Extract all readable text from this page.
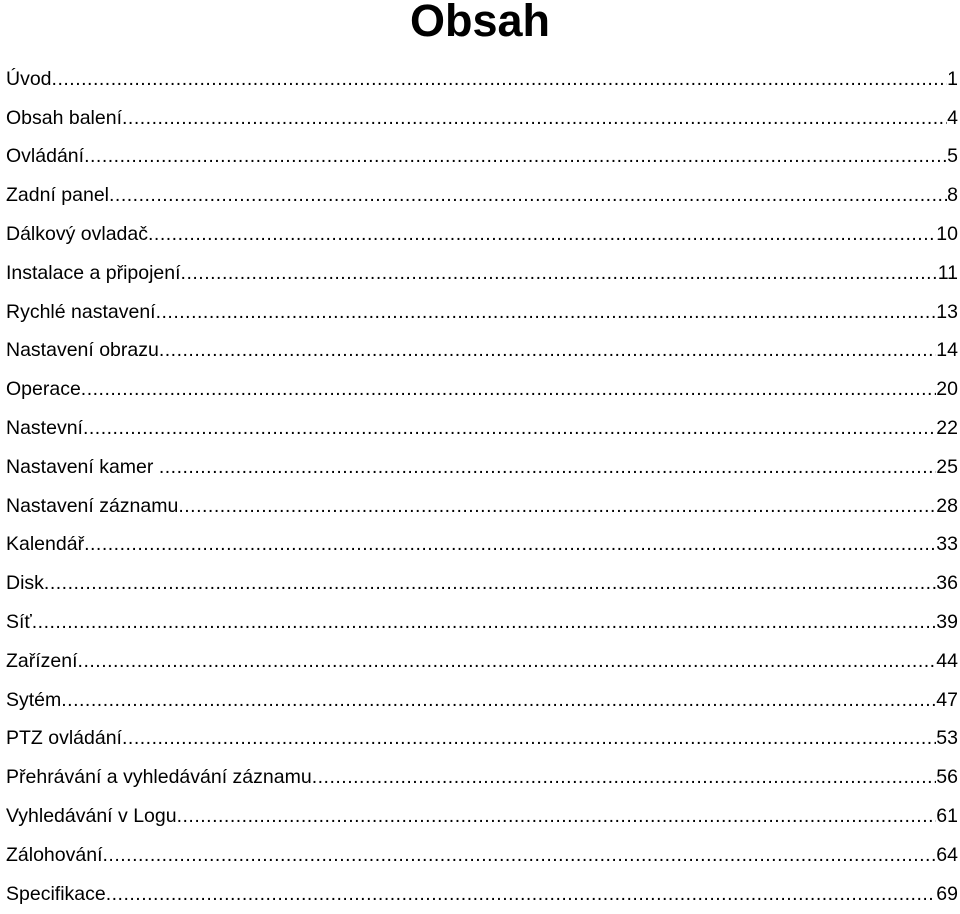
Obsah
Úvod .....	1
Obsah balení .....	4
Ovládání .....	5
Zadní panel .....	8
Dálkový ovladač .....	10
Instalace a připojení .....	11
Rychlé nastavení .....	13
Nastavení obrazu .....	14
Operace .....	20
Nastevní .....	22
Nastavení kamer .....	25
Nastavení záznamu .....	28
Kalendář .....	33
Disk .....	36
Síť .....	39
Zařízení .....	44
Sytém .....	47
PTZ ovládání .....	53
Přehrávání a vyhledávání záznamu .....	56
Vyhledávání v Logu .....	61
Zálohování .....	64
Specifikace .....	69
